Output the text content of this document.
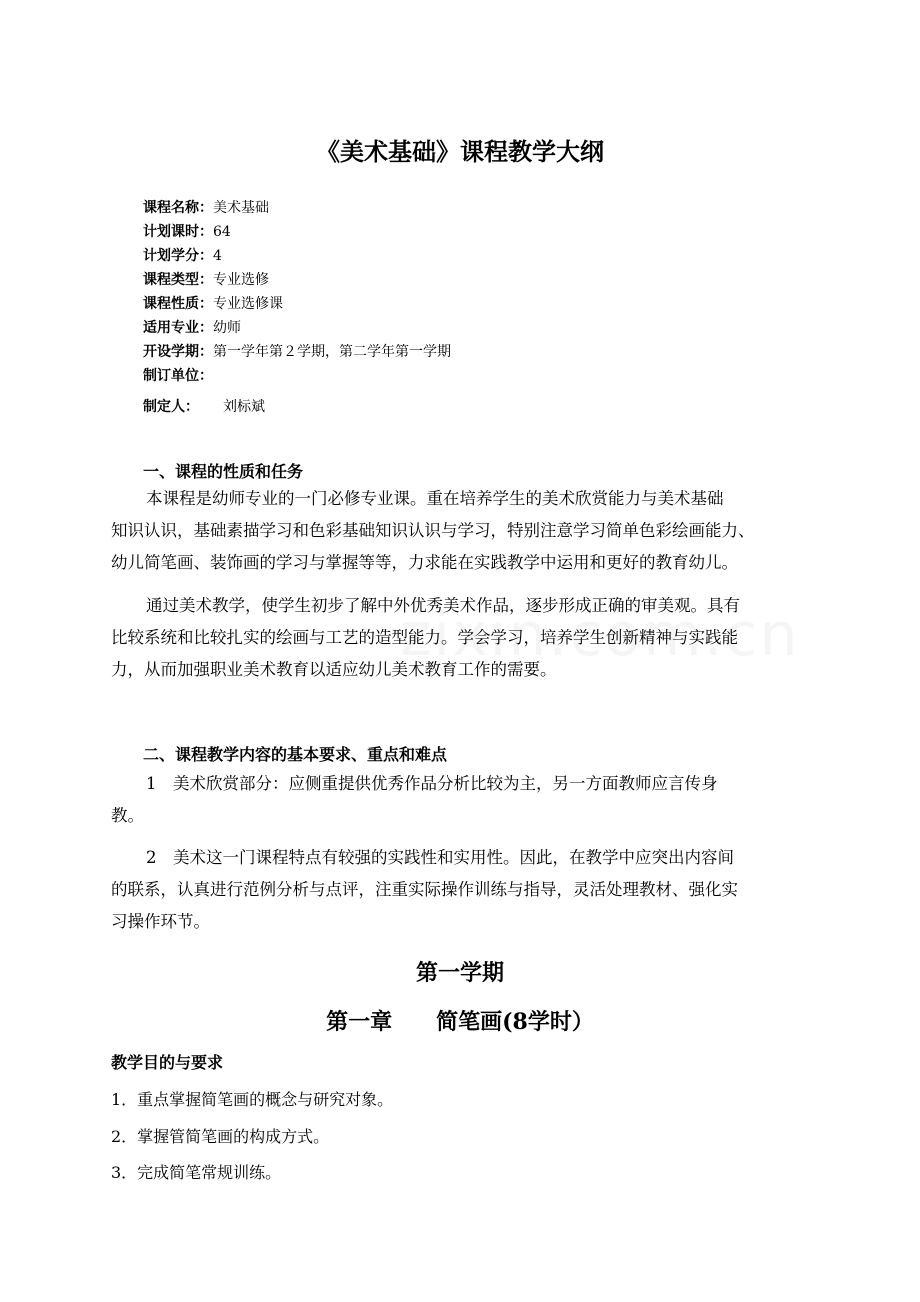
《美术基础》课程教学大纲
课程名称：美术基础
计划课时：64
计划学分：4
课程类型：专业选修
课程性质：专业选修课
适用专业：幼师
开设学期：第一学年第２学期，第二学年第一学期
制订单位：
制定人： 刘标斌
一、课程的性质和任务
本课程是幼师专业的一门必修专业课。重在培养学生的美术欣赏能力与美术基础
知识认识，基础素描学习和色彩基础知识认识与学习，特别注意学习简单色彩绘画能力、
幼儿简笔画、装饰画的学习与掌握等等，力求能在实践教学中运用和更好的教育幼儿。
通过美术教学，使学生初步了解中外优秀美术作品，逐步形成正确的审美观。具有
比较系统和比较扎实的绘画与工艺的造型能力。学会学习，培养学生创新精神与实践能
力，从而加强职业美术教育以适应幼儿美术教育工作的需要。
二、课程教学内容的基本要求、重点和难点
1　美术欣赏部分：应侧重提供优秀作品分析比较为主，另一方面教师应言传身
教。
2　美术这一门课程特点有较强的实践性和实用性。因此，在教学中应突出内容间
的联系，认真进行范例分析与点评，注重实际操作训练与指导，灵活处理教材、强化实
习操作环节。
第一学期
第一章　　简笔画(8学时）
教学目的与要求
1．重点掌握简笔画的概念与研究对象。
2．掌握管简笔画的构成方式。
3．完成简笔常规训练。
